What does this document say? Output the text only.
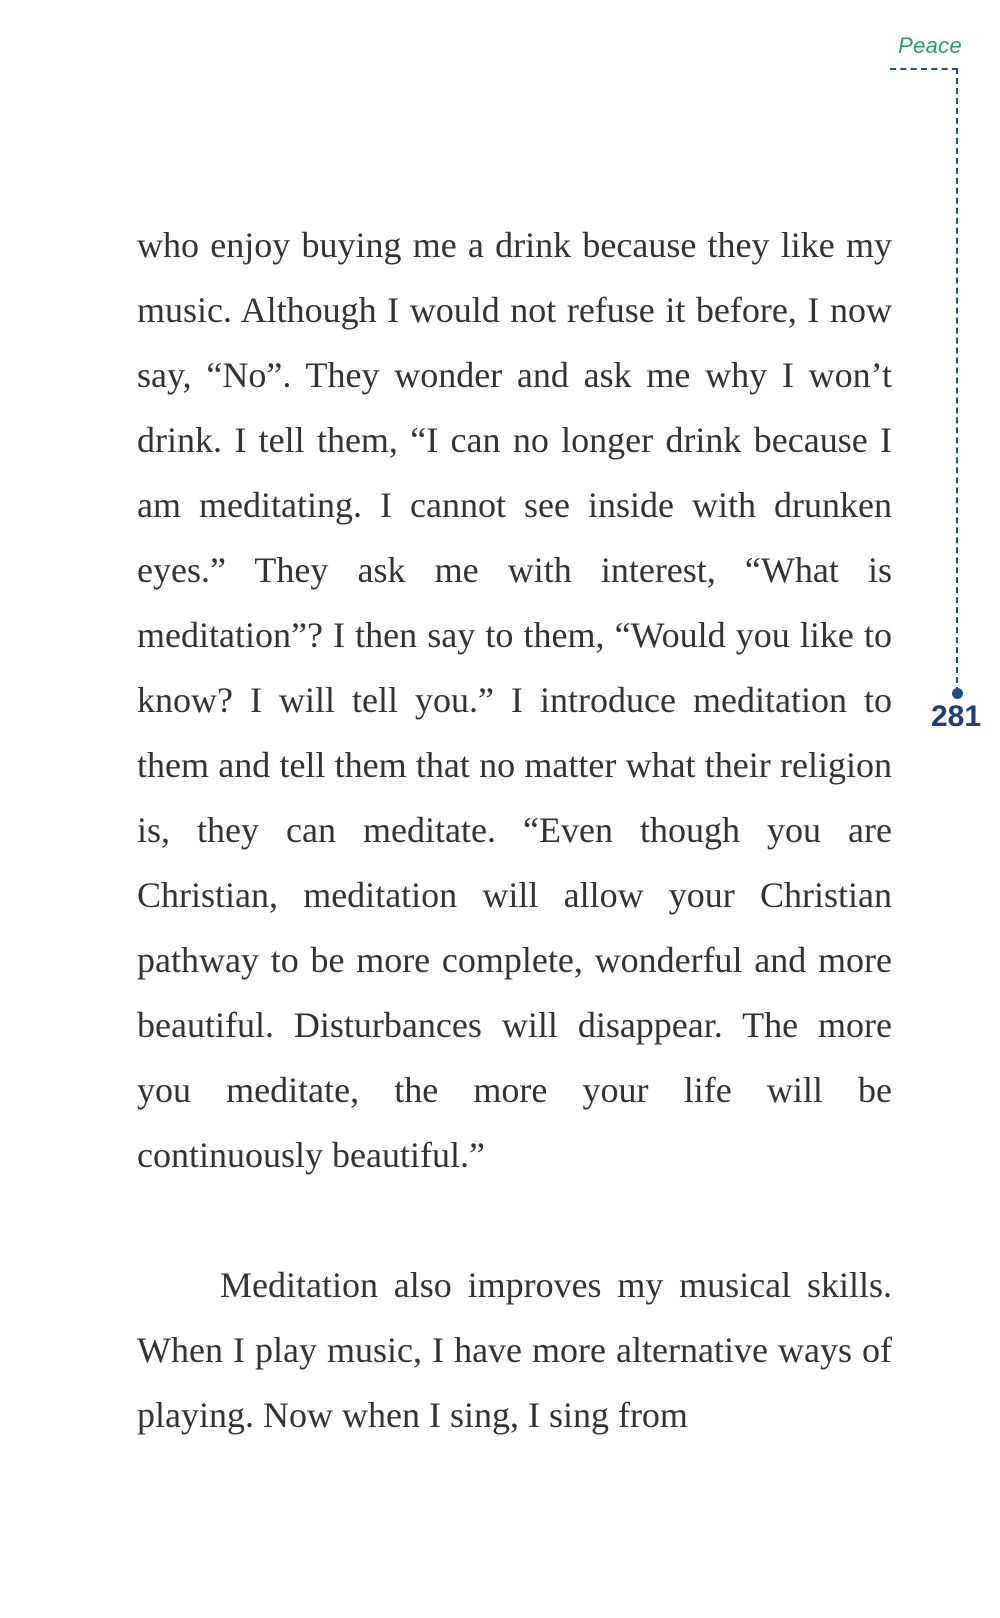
Peace
281

who enjoy buying me a drink because they like my music. Although I would not refuse it before, I now say, “No”. They wonder and ask me why I won’t drink. I tell them, “I can no longer drink because I am meditating. I cannot see inside with drunken eyes.” They ask me with interest, “What is meditation”? I then say to them, “Would you like to know? I will tell you.” I introduce meditation to them and tell them that no matter what their religion is, they can meditate. “Even though you are Christian, meditation will allow your Christian pathway to be more complete, wonderful and more beautiful. Disturbances will disappear. The more you meditate, the more your life will be continuously beautiful.”

Meditation also improves my musical skills. When I play music, I have more alternative ways of playing. Now when I sing, I sing from
